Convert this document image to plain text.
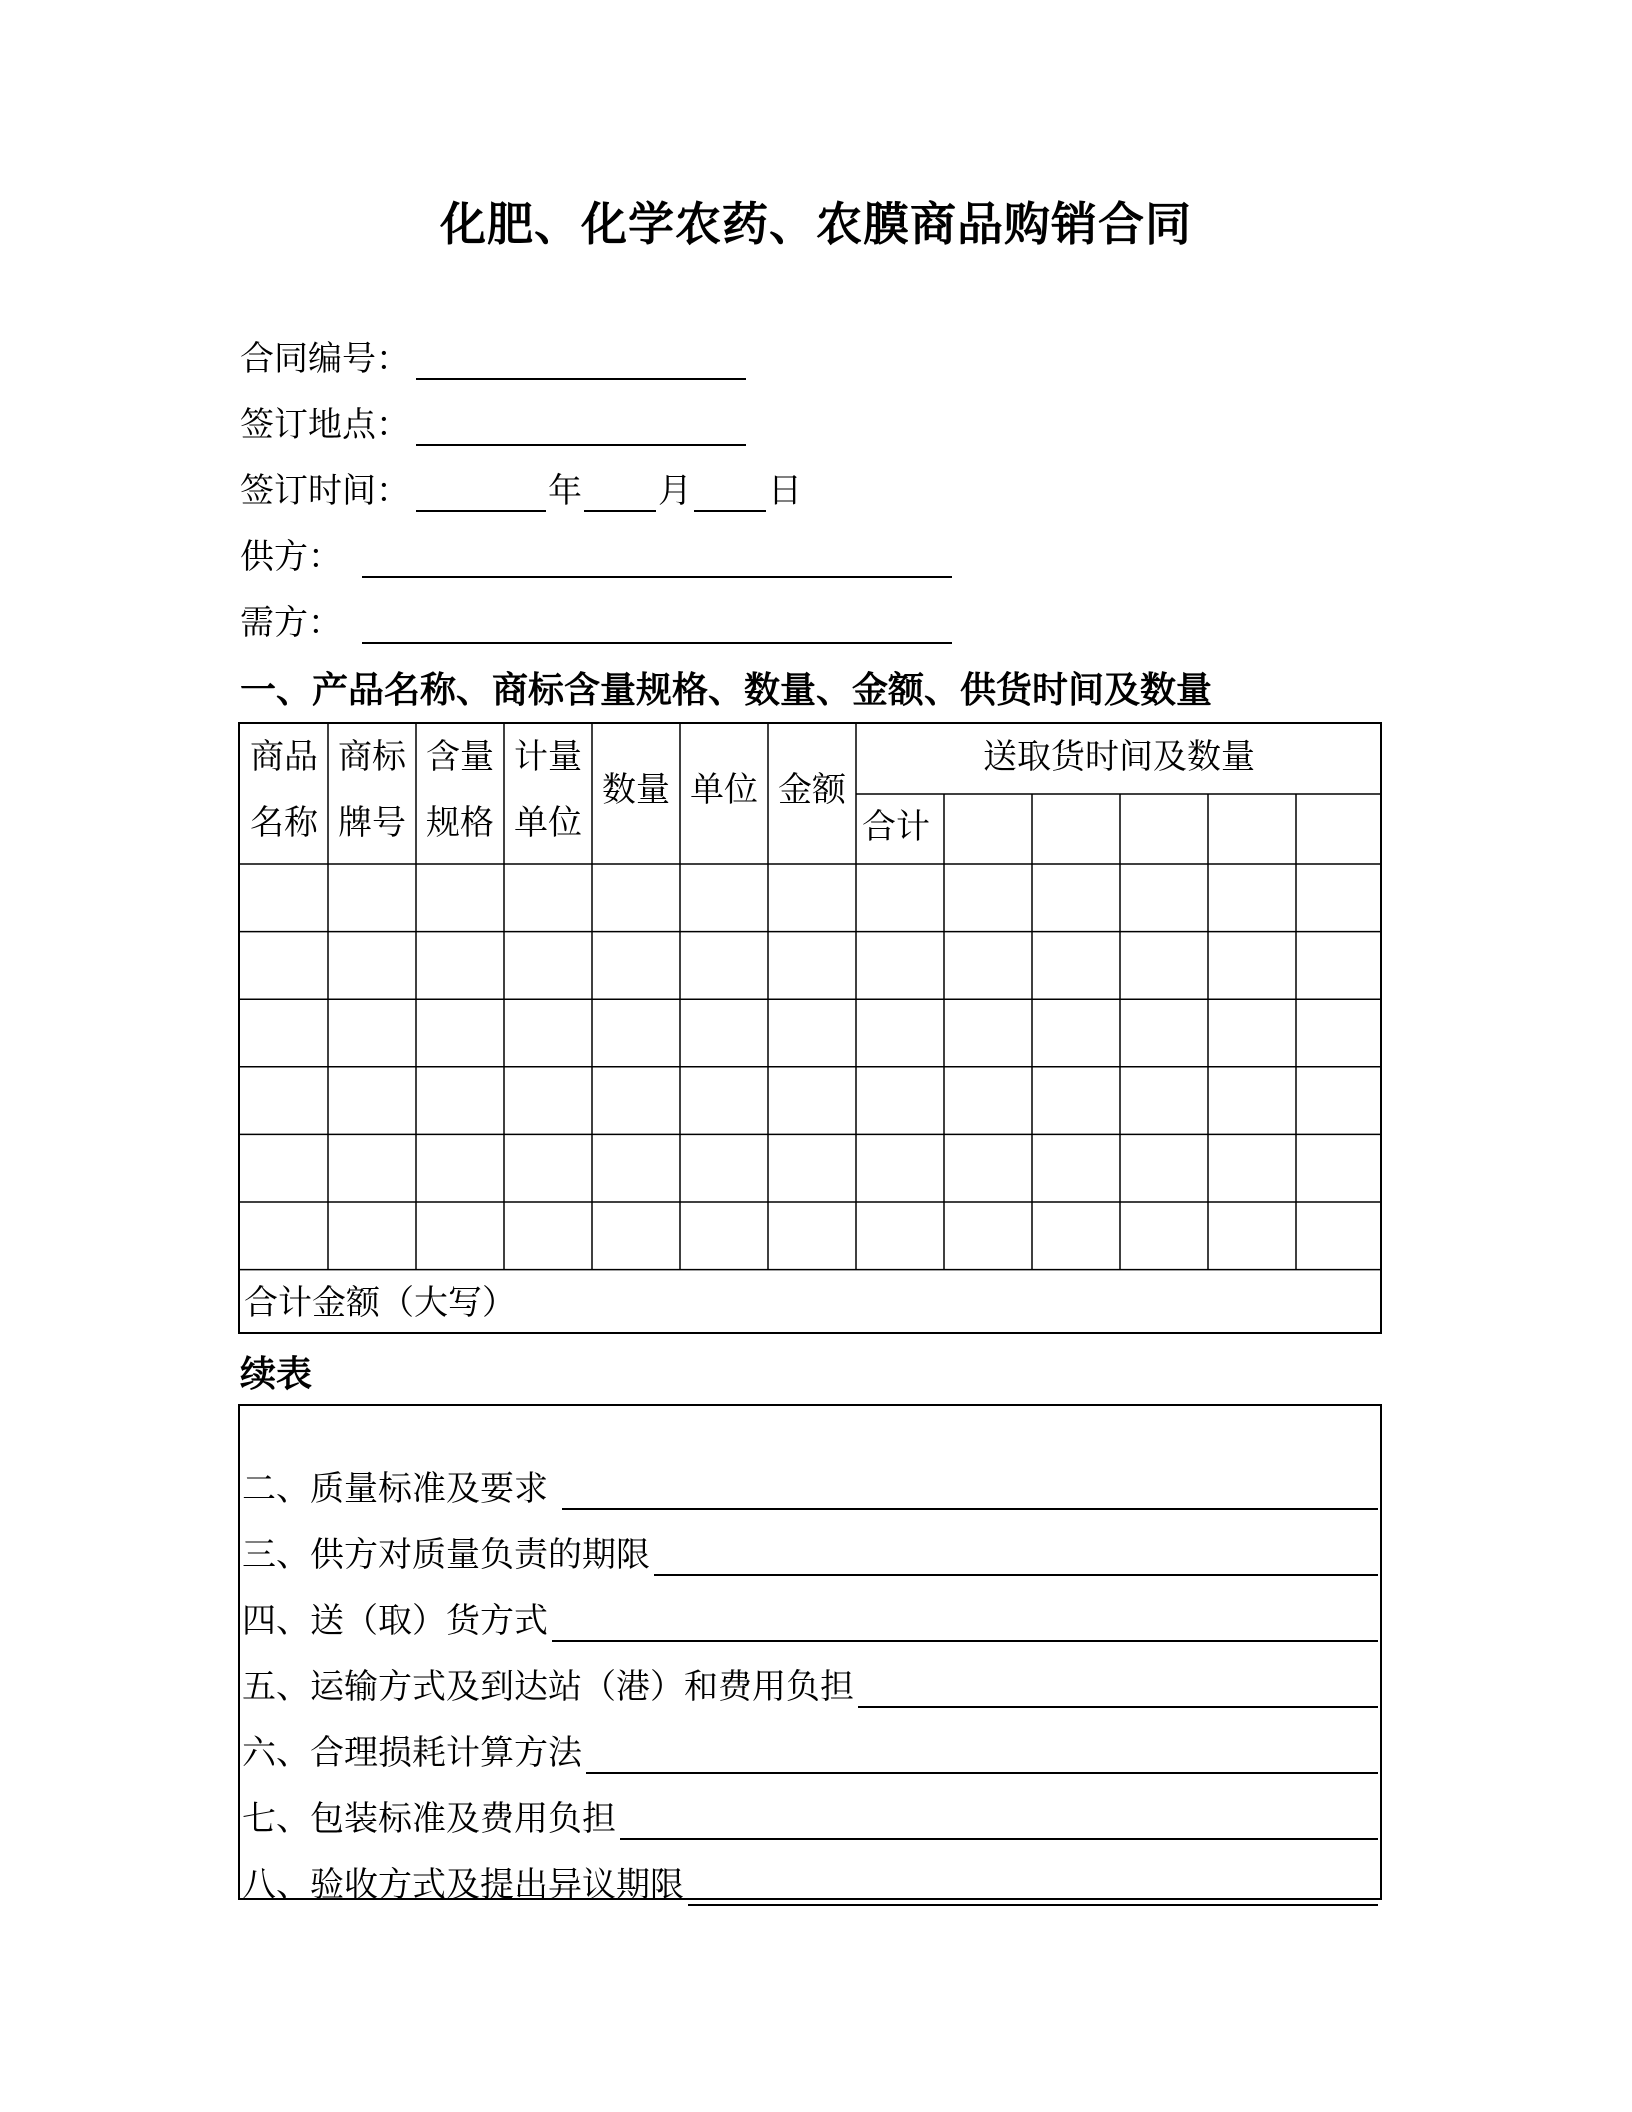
化肥、化学农药、农膜商品购销合同
合同编号：
签订地点：
签订时间：	年 月 日
供方：
需方：
一、产品名称、商标含量规格、数量、金额、供货时间及数量
商品
名称
商标
牌号
含量
规格
计量
单位
数量 单位 金额
送取货时间及数量
合计
合计金额（大写）
续表
二、质量标准及要求
三、供方对质量负责的期限
四、送（取）货方式
五、运输方式及到达站（港）和费用负担
六、合理损耗计算方法
七、包装标准及费用负担
八、验收方式及提出异议期限
